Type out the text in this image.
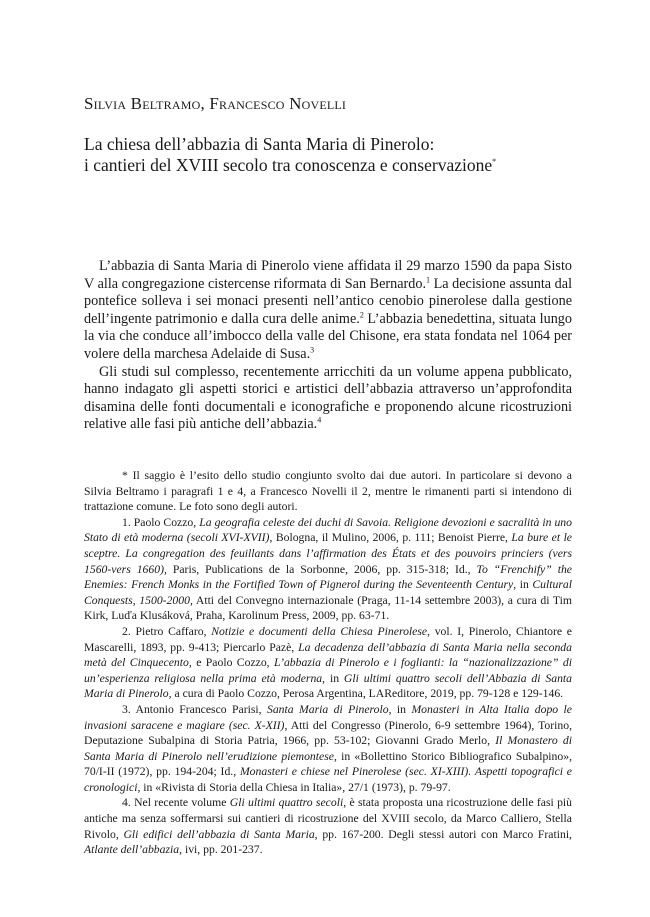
Silvia Beltramo, Francesco Novelli
La chiesa dell’abbazia di Santa Maria di Pinerolo:
i cantieri del XVIII secolo tra conoscenza e conservazione*

L’abbazia di Santa Maria di Pinerolo viene affidata il 29 marzo 1590 da papa Sisto V alla congregazione cistercense riformata di San Bernardo.$^1$ La decisione assunta dal pontefice solleva i sei monaci presenti nell’antico cenobio pinerolese dalla gestione dell’ingente patrimonio e dalla cura delle anime.$^2$ L’abbazia benedettina, situata lungo la via che conduce all’imbocco della valle del Chisone, era stata fondata nel 1064 per volere della marchesa Adelaide di Susa.$^3$

Gli studi sul complesso, recentemente arricchiti da un volume appena pubblicato, hanno indagato gli aspetti storici e artistici dell’abbazia attraverso un’approfondita disamina delle fonti documentali e iconografiche e proponendo alcune ricostruzioni relative alle fasi più antiche dell’abbazia.$^4$

* Il saggio è l’esito dello studio congiunto svolto dai due autori. In particolare si devono a Silvia Beltramo i paragrafi 1 e 4, a Francesco Novelli il 2, mentre le rimanenti parti si intendono di trattazione comune. Le foto sono degli autori.

1. Paolo Cozzo, La geografia celeste dei duchi di Savoia. Religione devozioni e sacralità in uno Stato di età moderna (secoli XVI-XVII), Bologna, il Mulino, 2006, p. 111; Benoist Pierre, La bure et le sceptre. La congregation des feuillants dans l’affirmation des États et des pouvoirs princiers (vers 1560-vers 1660), Paris, Publications de la Sorbonne, 2006, pp. 315-318; Id., To “Frenchify” the Enemies: French Monks in the Fortified Town of Pignerol during the Seventeenth Century, in Cultural Conquests, 1500-2000, Atti del Convegno internazionale (Praga, 11-14 settembre 2003), a cura di Tim Kirk, Luďa Klusáková, Praha, Karolinum Press, 2009, pp. 63-71.

2. Pietro Caffaro, Notizie e documenti della Chiesa Pinerolese, vol. I, Pinerolo, Chiantore e Mascarelli, 1893, pp. 9-413; Piercarlo Pazè, La decadenza dell’abbazia di Santa Maria nella seconda metà del Cinquecento, e Paolo Cozzo, L’abbazia di Pinerolo e i foglianti: la “nazionalizzazione” di un’esperienza religiosa nella prima età moderna, in Gli ultimi quattro secoli dell’Abbazia di Santa Maria di Pinerolo, a cura di Paolo Cozzo, Perosa Argentina, LAReditore, 2019, pp. 79-128 e 129-146.

3. Antonio Francesco Parisi, Santa Maria di Pinerolo, in Monasteri in Alta Italia dopo le invasioni saracene e magiare (sec. X-XII), Atti del Congresso (Pinerolo, 6-9 settembre 1964), Torino, Deputazione Subalpina di Storia Patria, 1966, pp. 53-102; Giovanni Grado Merlo, Il Monastero di Santa Maria di Pinerolo nell’erudizione piemontese, in «Bollettino Storico Bibliografico Subalpino», 70/I-II (1972), pp. 194-204; Id., Monasteri e chiese nel Pinerolese (sec. XI-XIII). Aspetti topografici e cronologici, in «Rivista di Storia della Chiesa in Italia», 27/1 (1973), p. 79-97.

4. Nel recente volume Gli ultimi quattro secoli, è stata proposta una ricostruzione delle fasi più antiche ma senza soffermarsi sui cantieri di ricostruzione del XVIII secolo, da Marco Calliero, Stella Rivolo, Gli edifici dell’abbazia di Santa Maria, pp. 167-200. Degli stessi autori con Marco Fratini, Atlante dell’abbazia, ivi, pp. 201-237.
